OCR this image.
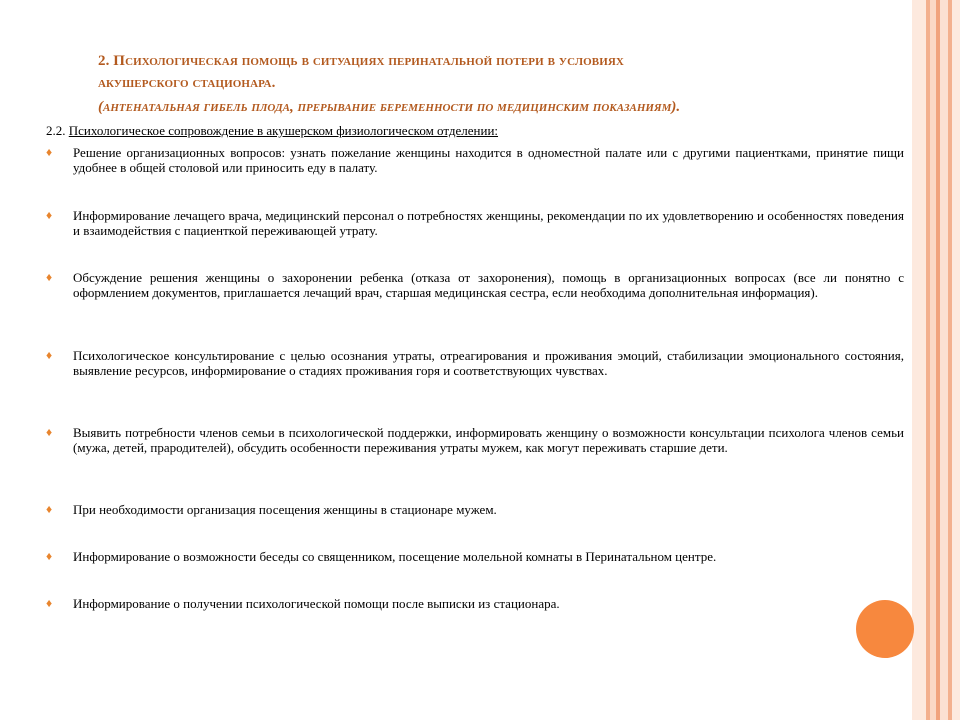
2. Психологическая помощь в ситуациях перинатальной потери в условиях
акушерского стационара.
(антенатальная гибель плода, прерывание беременности по медицинским показаниям).
2.2. Психологическое сопровождение в акушерском физиологическом отделении:
♦ Решение организационных вопросов: узнать пожелание женщины находится в одноместной палате или с другими пациентками, принятие пищи удобнее в общей столовой или приносить еду в палату.
♦ Информирование лечащего врача, медицинский персонал о потребностях женщины, рекомендации по их удовлетворению и особенностях поведения и взаимодействия с пациенткой переживающей утрату.
♦ Обсуждение решения женщины о захоронении ребенка (отказа от захоронения), помощь в организационных вопросах (все ли понятно с оформлением документов, приглашается лечащий врач, старшая медицинская сестра, если необходима дополнительная информация).
♦ Психологическое консультирование с целью осознания утраты, отреагирования и проживания эмоций, стабилизации эмоционального состояния, выявление ресурсов, информирование о стадиях проживания горя и соответствующих чувствах.
♦ Выявить потребности членов семьи в психологической поддержки, информировать женщину о возможности консультации психолога членов семьи (мужа, детей, прародителей), обсудить особенности переживания утраты мужем, как могут переживать старшие дети.
♦ При необходимости организация посещения женщины в стационаре мужем.
♦ Информирование о возможности беседы со священником, посещение молельной комнаты в Перинатальном центре.
♦ Информирование о получении психологической помощи после выписки из стационара.
